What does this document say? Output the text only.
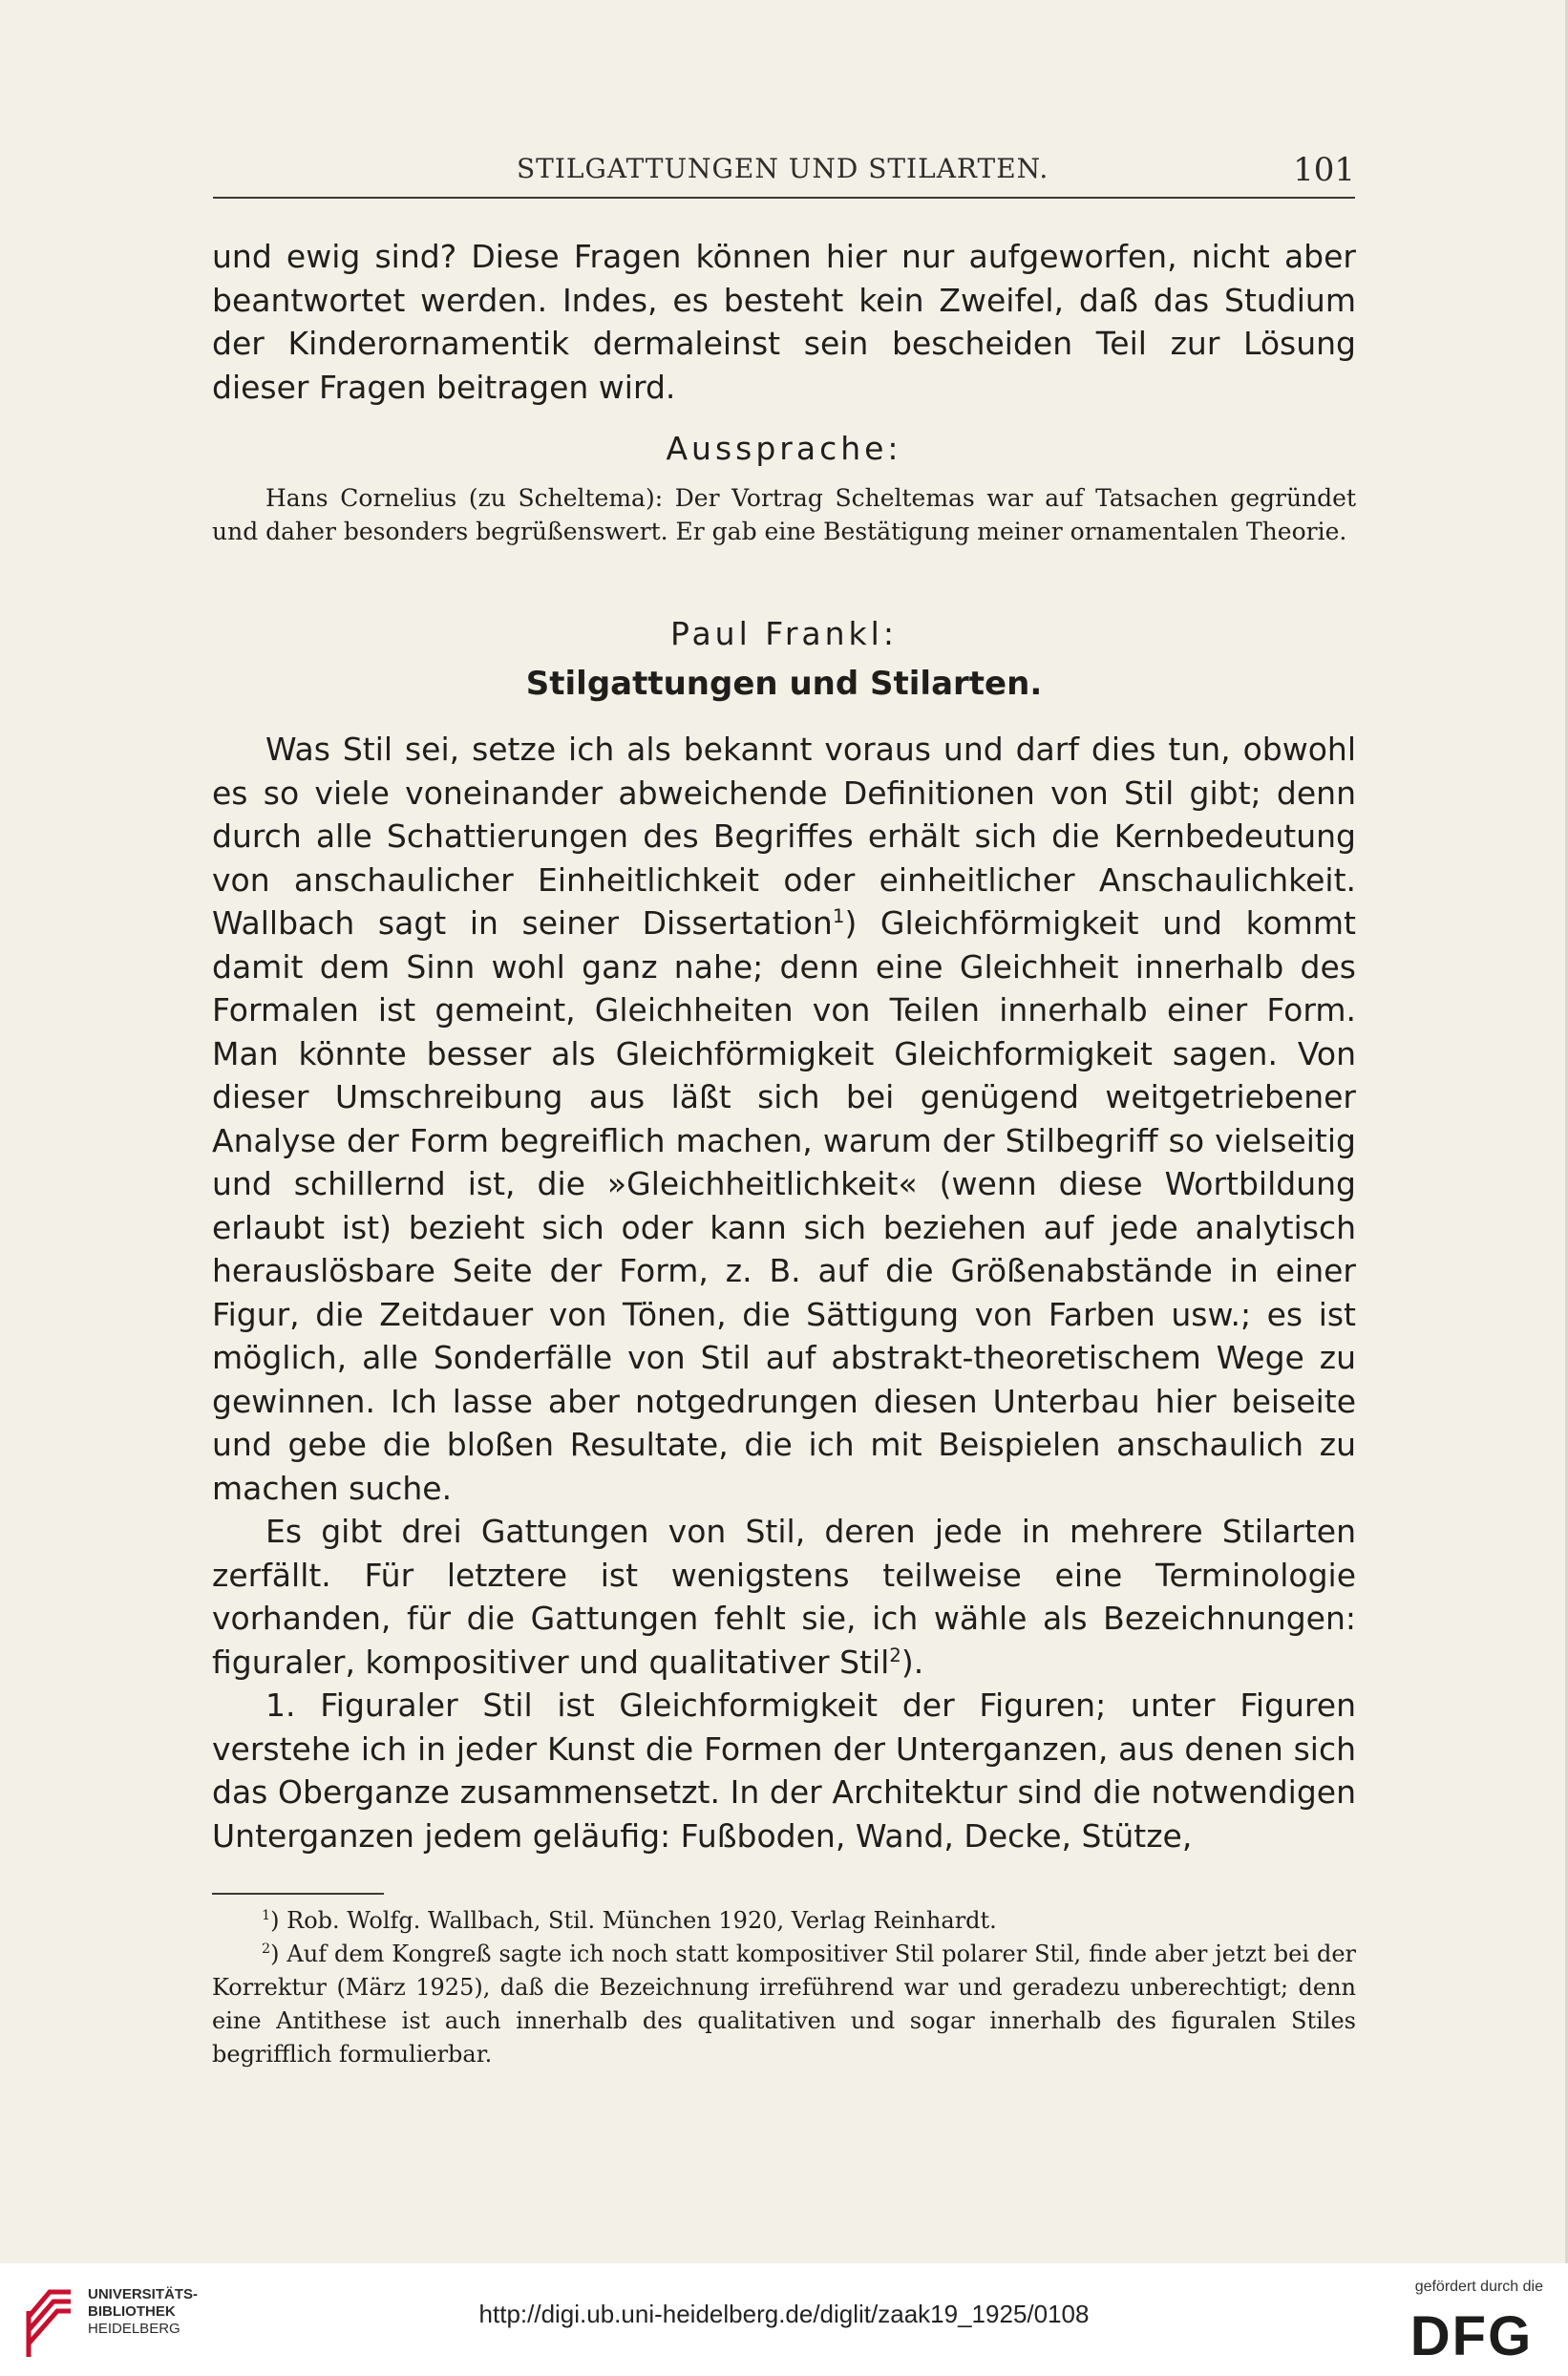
STILGATTUNGEN UND STILARTEN.	101

und ewig sind? Diese Fragen können hier nur aufgeworfen, nicht aber beantwortet werden. Indes, es besteht kein Zweifel, daß das Studium der Kinderornamentik dermaleinst sein bescheiden Teil zur Lösung dieser Fragen beitragen wird.

Aussprache:

Hans Cornelius (zu Scheltema): Der Vortrag Scheltemas war auf Tatsachen gegründet und daher besonders begrüßenswert. Er gab eine Bestätigung meiner ornamentalen Theorie.

Paul Frankl:
Stilgattungen und Stilarten.

Was Stil sei, setze ich als bekannt voraus und darf dies tun, obwohl es so viele voneinander abweichende Definitionen von Stil gibt; denn durch alle Schattierungen des Begriffes erhält sich die Kernbedeutung von anschaulicher Einheitlichkeit oder einheitlicher Anschaulichkeit. Wallbach sagt in seiner Dissertation$^1$) Gleichförmigkeit und kommt damit dem Sinn wohl ganz nahe; denn eine Gleichheit innerhalb des Formalen ist gemeint, Gleichheiten von Teilen innerhalb einer Form. Man könnte besser als Gleichförmigkeit Gleichformigkeit sagen. Von dieser Umschreibung aus läßt sich bei genügend weitgetriebener Analyse der Form begreiflich machen, warum der Stilbegriff so vielseitig und schillernd ist, die »Gleichheitlichkeit« (wenn diese Wortbildung erlaubt ist) bezieht sich oder kann sich beziehen auf jede analytisch herauslösbare Seite der Form, z. B. auf die Größenabstände in einer Figur, die Zeitdauer von Tönen, die Sättigung von Farben usw.; es ist möglich, alle Sonderfälle von Stil auf abstrakt-theoretischem Wege zu gewinnen. Ich lasse aber notgedrungen diesen Unterbau hier beiseite und gebe die bloßen Resultate, die ich mit Beispielen anschaulich zu machen suche.

Es gibt drei Gattungen von Stil, deren jede in mehrere Stilarten zerfällt. Für letztere ist wenigstens teilweise eine Terminologie vorhanden, für die Gattungen fehlt sie, ich wähle als Bezeichnungen: figuraler, kompositiver und qualitativer Stil$^2$).

1. Figuraler Stil ist Gleichformigkeit der Figuren; unter Figuren verstehe ich in jeder Kunst die Formen der Unterganzen, aus denen sich das Oberganze zusammensetzt. In der Architektur sind die notwendigen Unterganzen jedem geläufig: Fußboden, Wand, Decke, Stütze,

$^1$) Rob. Wolfg. Wallbach, Stil. München 1920, Verlag Reinhardt.

$^2$) Auf dem Kongreß sagte ich noch statt kompositiver Stil polarer Stil, finde aber jetzt bei der Korrektur (März 1925), daß die Bezeichnung irreführend war und geradezu unberechtigt; denn eine Antithese ist auch innerhalb des qualitativen und sogar innerhalb des figuralen Stiles begrifflich formulierbar.

UNIVERSITÄTS-
BIBLIOTHEK
HEIDELBERG
http://digi.ub.uni-heidelberg.de/diglit/zaak19_1925/0108
gefördert durch die
DFG
